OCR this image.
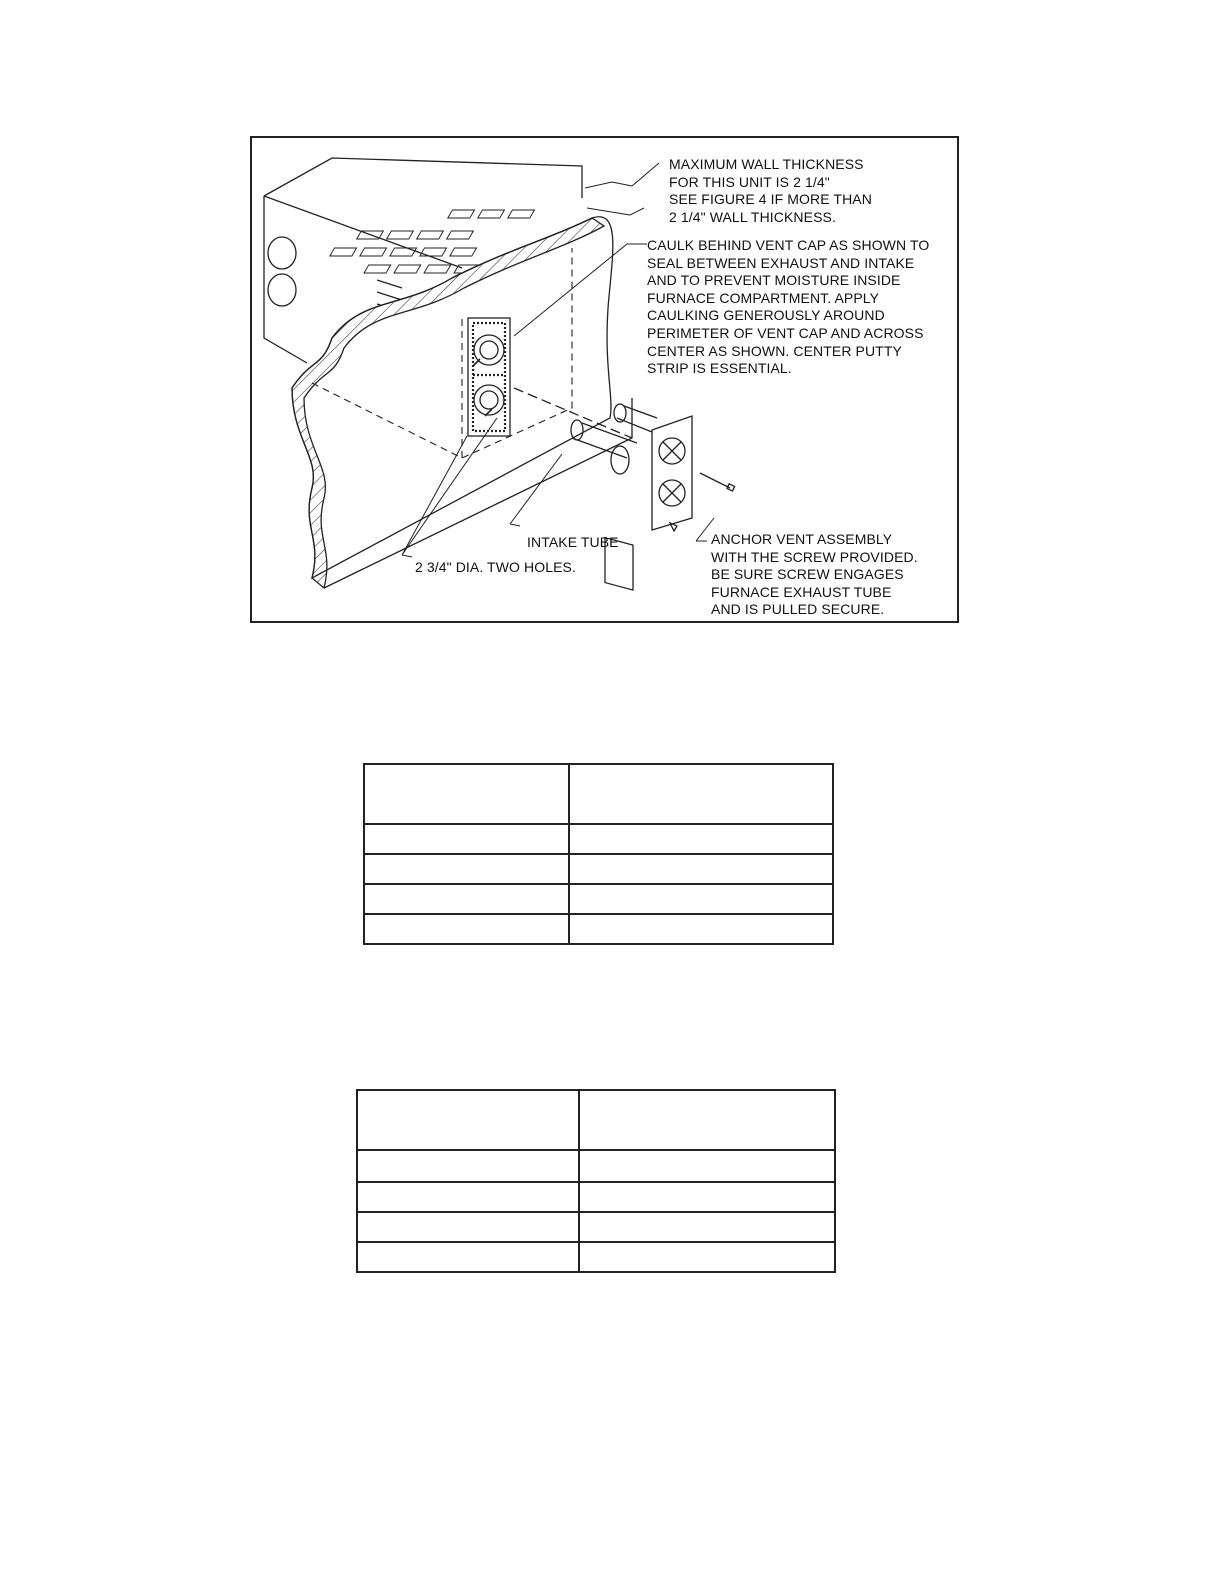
MAXIMUM WALL THICKNESS
FOR THIS UNIT IS 2 1/4"
SEE FIGURE 4 IF MORE THAN
2 1/4" WALL THICKNESS.
CAULK BEHIND VENT CAP AS SHOWN TO
SEAL BETWEEN EXHAUST AND INTAKE
AND TO PREVENT MOISTURE INSIDE
FURNACE COMPARTMENT. APPLY
CAULKING GENEROUSLY AROUND
PERIMETER OF VENT CAP AND ACROSS
CENTER AS SHOWN. CENTER PUTTY
STRIP IS ESSENTIAL.
INTAKE TUBE
2 3/4" DIA. TWO HOLES.
ANCHOR VENT ASSEMBLY
WITH THE SCREW PROVIDED.
BE SURE SCREW ENGAGES
FURNACE EXHAUST TUBE
AND IS PULLED SECURE.
